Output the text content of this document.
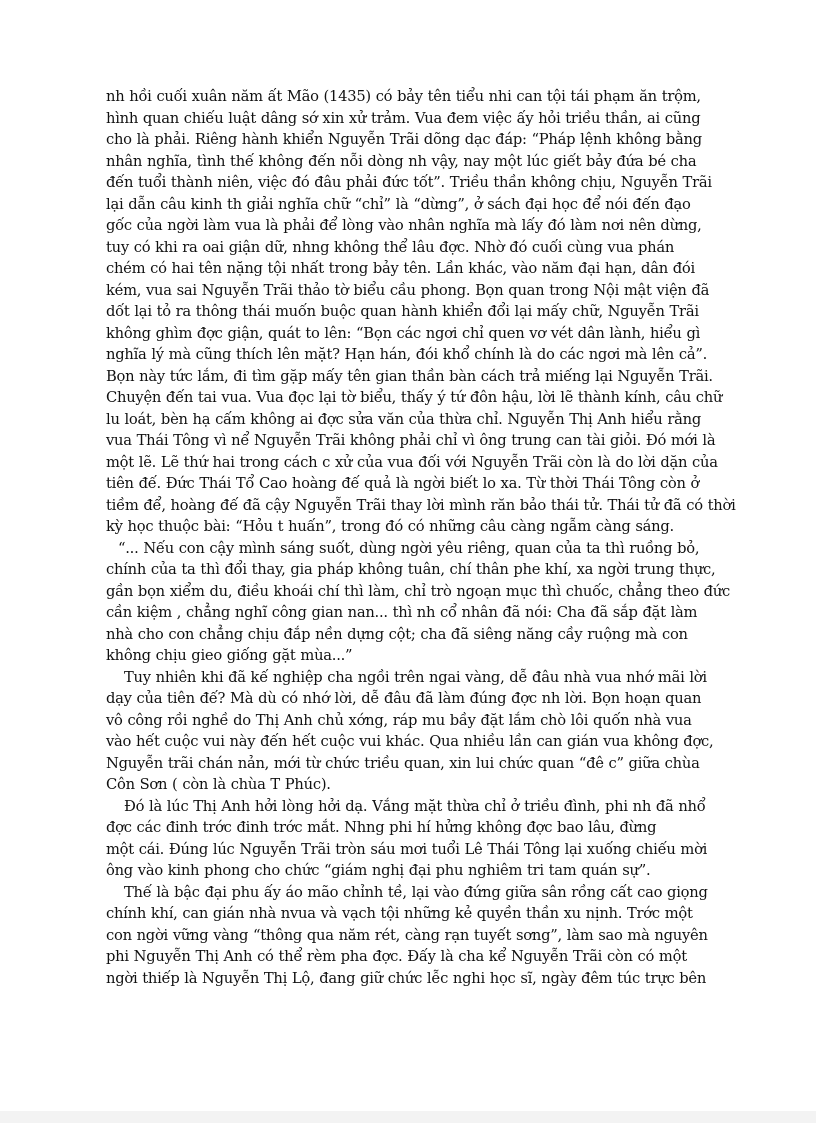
nh hồi cuối xuân năm ất Mão (1435) có bảy tên tiểu nhi can tội tái phạm ăn trộm,
hình quan chiếu luật dâng sớ xin xử trảm. Vua đem việc ấy hỏi triều thần, ai cũng
cho là phải. Riêng hành khiển Nguyễn Trãi dõng dạc đáp: “Pháp lệnh không bằng
nhân nghĩa, tình thế không đến nỗi dòng nh vậy, nay một lúc giết bảy đứa bé cha
đến tuổi thành niên, việc đó đâu phải đức tốt”. Triều thần không chịu, Nguyễn Trãi
lại dẫn câu kinh th giải nghĩa chữ “chỉ” là “dừng”, ở sách đại học để nói đến đạo
gốc của ngời làm vua là phải để lòng vào nhân nghĩa mà lấy đó làm nơi nên dừng,
tuy có khi ra oai giận dữ, nhng không thể lâu đợc. Nhờ đó cuối cùng vua phán
chém có hai tên nặng tội nhất trong bảy tên. Lần khác, vào năm đại hạn, dân đói
kém, vua sai Nguyễn Trãi thảo tờ biểu cầu phong. Bọn quan trong Nội mật viện đã
dốt lại tỏ ra thông thái muốn buộc quan hành khiển đổi lại mấy chữ, Nguyễn Trãi
không ghìm đợc giận, quát to lên: “Bọn các ngơi chỉ quen vơ vét dân lành, hiểu gì
nghĩa lý mà cũng thích lên mặt? Hạn hán, đói khổ chính là do các ngơi mà lên cả”.
Bọn này tức lắm, đi tìm gặp mấy tên gian thần bàn cách trả miếng lại Nguyễn Trãi.
Chuyện đến tai vua. Vua đọc lại tờ biểu, thấy ý tứ đôn hậu, lời lẽ thành kính, câu chữ
lu loát, bèn hạ cấm không ai đợc sửa văn của thừa chỉ. Nguyễn Thị Anh hiểu rằng
vua Thái Tông vì nể Nguyễn Trãi không phải chỉ vì ông trung can tài giỏi. Đó mới là
một lẽ. Lẽ thứ hai trong cách c xử của vua đối với Nguyễn Trãi còn là do lời dặn của
tiên đế. Đức Thái Tổ Cao hoàng đế quả là ngời biết lo xa. Từ thời Thái Tông còn ở
tiềm để, hoàng đế đã cậy Nguyễn Trãi thay lời mình răn bảo thái tử. Thái tử đã có thời
kỳ học thuộc bài: “Hỏu t huấn”, trong đó có những câu càng ngẫm càng sáng.
“... Nếu con cậy mình sáng suốt, dùng ngời yêu riêng, quan của ta thì ruồng bỏ,
chính của ta thì đổi thay, gia pháp không tuân, chí thân phe khí, xa ngời trung thực,
gần bọn xiểm du, điều khoái chí thì làm, chỉ trò ngoạn mục thì chuốc, chẳng theo đức
cần kiệm , chẳng nghĩ công gian nan... thì nh cổ nhân đã nói: Cha đã sắp đặt làm
nhà cho con chẳng chịu đắp nền dựng cột; cha đã siêng năng cầy ruộng mà con
không chịu gieo giống gặt mùa...”
Tuy nhiên khi đã kế nghiệp cha ngồi trên ngai vàng, dễ đâu nhà vua nhớ mãi lời
dạy của tiên đế? Mà dù có nhớ lời, dễ đâu đã làm đúng đợc nh lời. Bọn hoạn quan
vô công rồi nghề do Thị Anh chủ xớng, ráp mu bầy đặt lắm chò lôi quốn nhà vua
vào hết cuộc vui này đến hết cuộc vui khác. Qua nhiều lần can gián vua không đợc,
Nguyễn trãi chán nản, mới từ chức triều quan, xin lui chức quan “đê c” giữa chùa
Côn Sơn ( còn là chùa T Phúc).
Đó là lúc Thị Anh hởi lòng hởi dạ. Vắng mặt thừa chỉ ở triều đình, phi nh đã nhổ
đợc các đinh trớc đinh trớc mắt. Nhng phi hí hửng không đợc bao lâu, đừng
một cái. Đúng lúc Nguyễn Trãi tròn sáu mơi tuổi Lê Thái Tông lại xuống chiếu mời
ông vào kinh phong cho chức “giám nghị đại phu nghiêm tri tam quán sự”.
Thế là bậc đại phu ấy áo mão chỉnh tề, lại vào đứng giữa sân rồng cất cao giọng
chính khí, can gián nhà nvua và vạch tội những kẻ quyền thần xu nịnh. Trớc một
con ngời vững vàng “thông qua năm rét, càng rạn tuyết sơng”, làm sao mà nguyên
phi Nguyễn Thị Anh có thể rèm pha đợc. Đấy là cha kể Nguyễn Trãi còn có một
ngời thiếp là Nguyễn Thị Lộ, đang giữ chức lễc nghi học sĩ, ngày đêm túc trực bên
